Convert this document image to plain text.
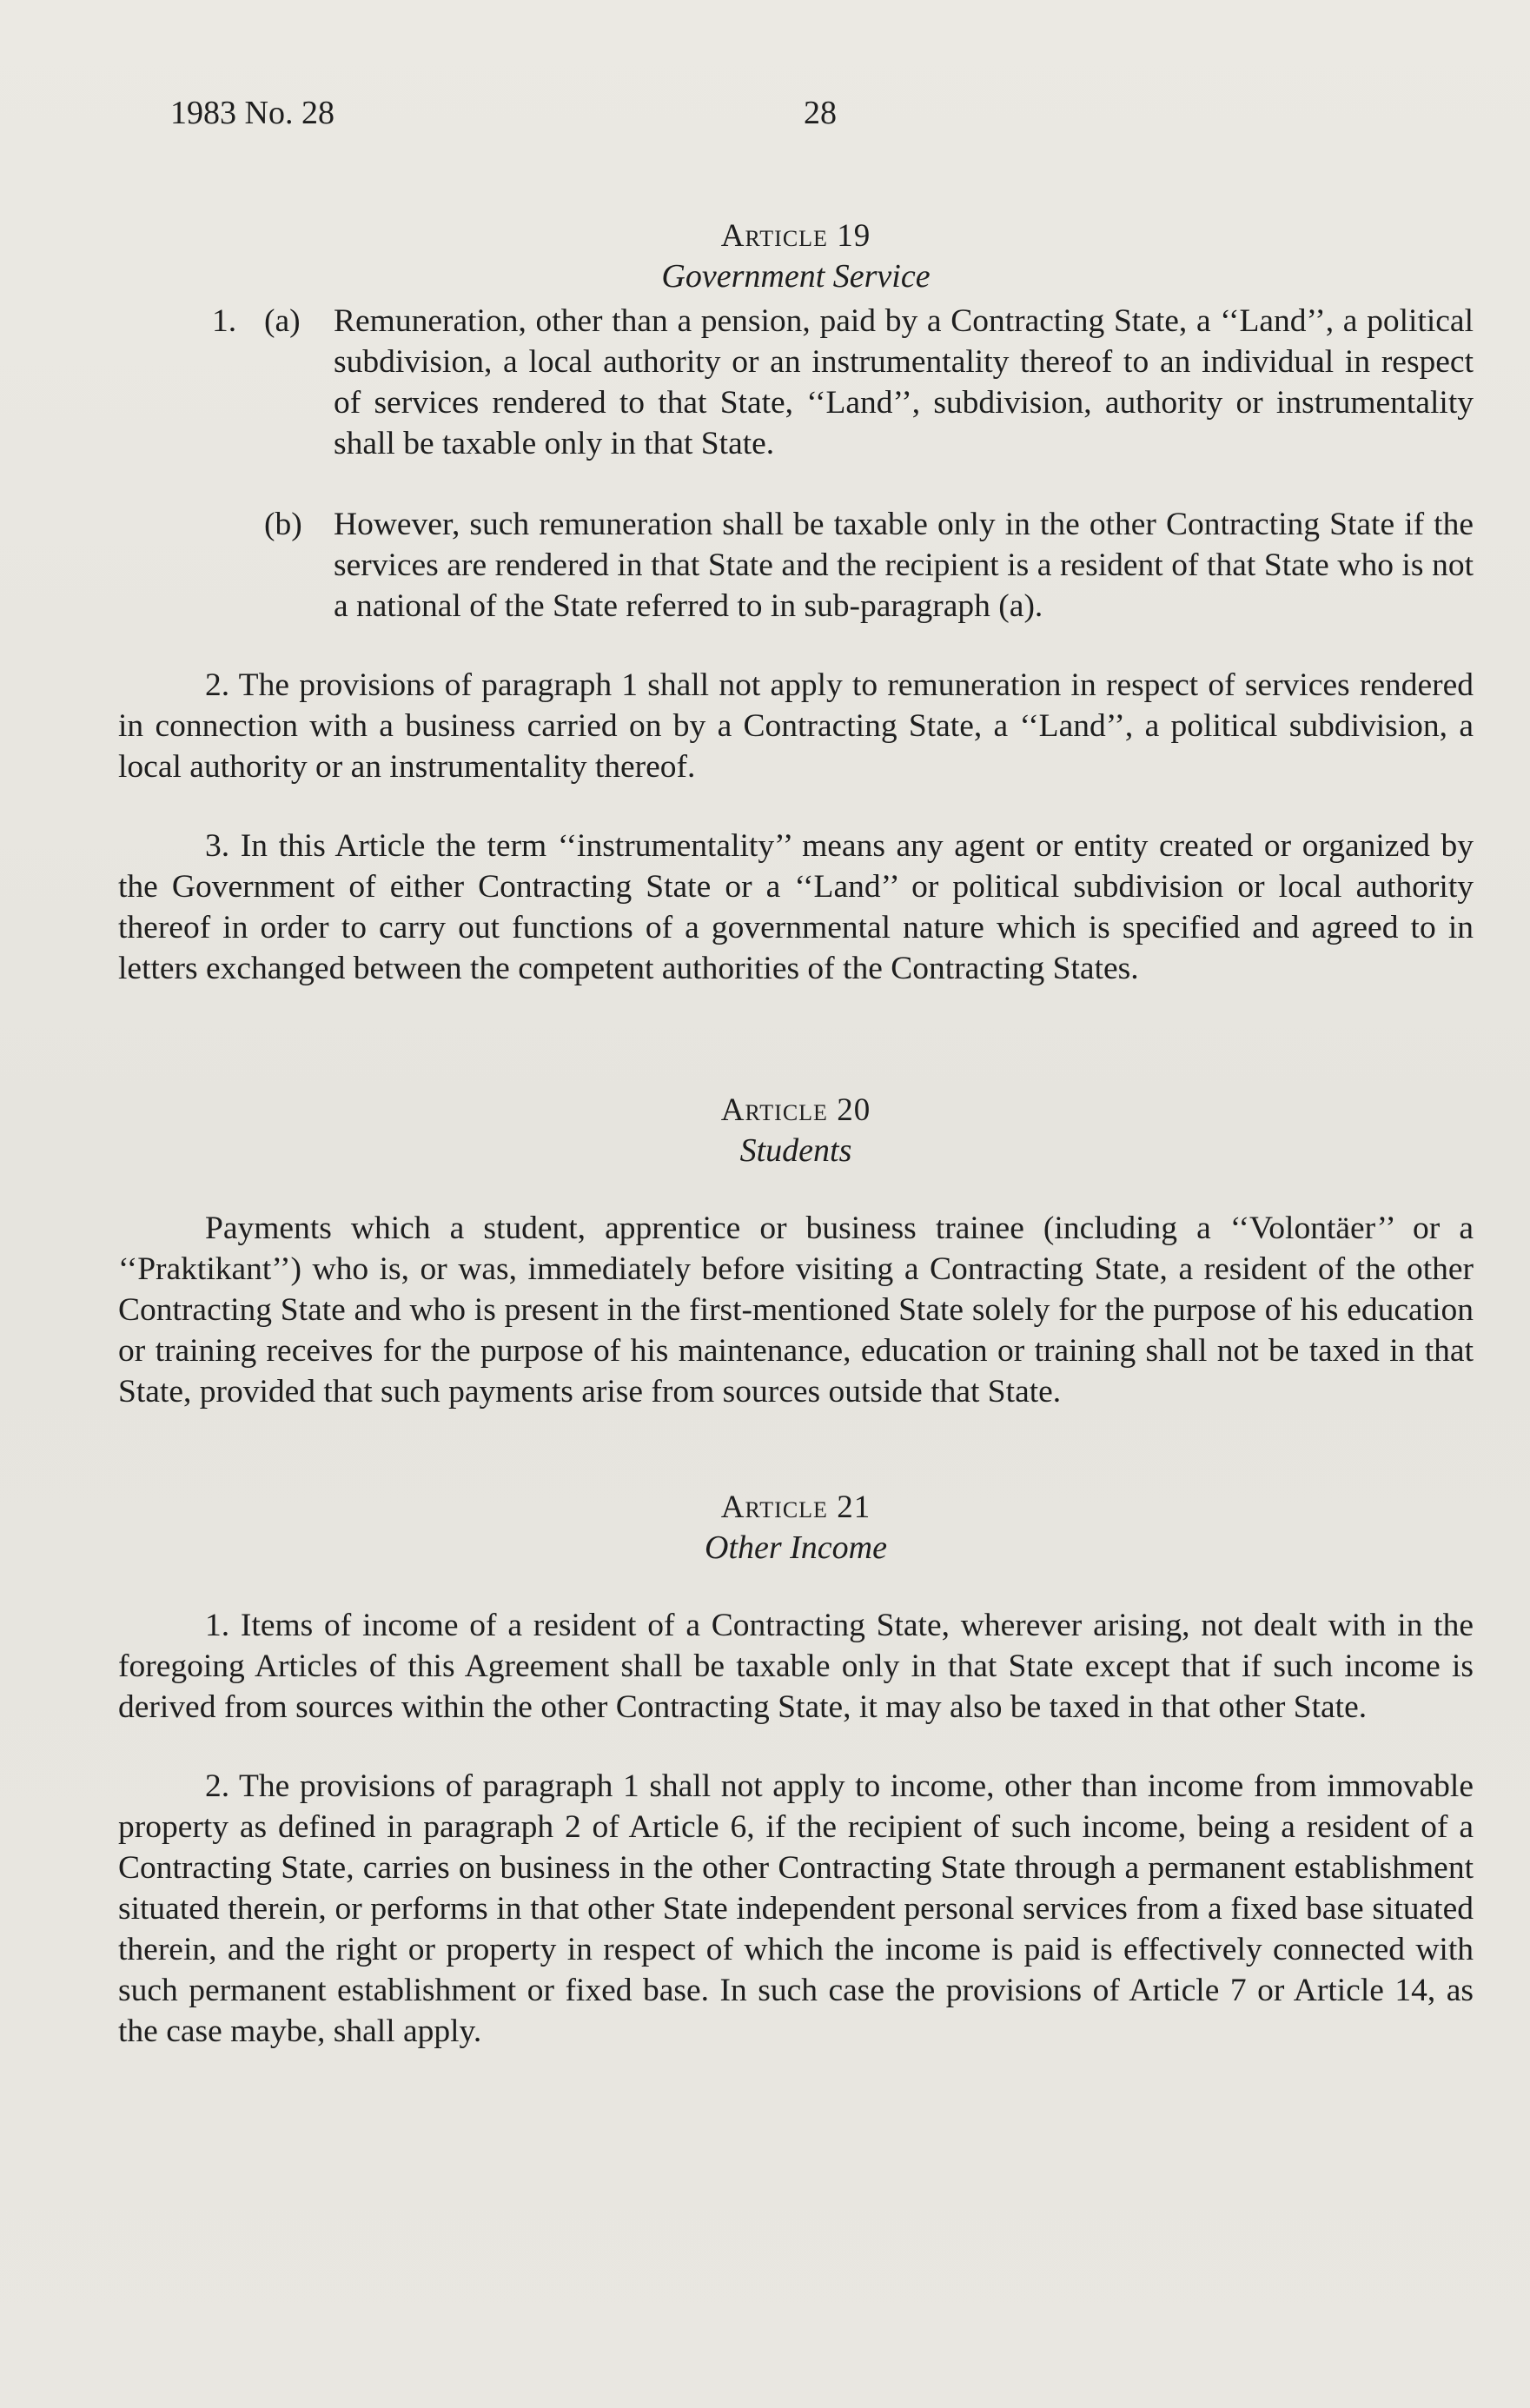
1983 No. 28	28

Article 19

Government Service

1. (a) Remuneration, other than a pension, paid by a Contracting State, a ‘‘Land’’, a political subdivision, a local authority or an instrumentality thereof to an individual in respect of services rendered to that State, ‘‘Land’’, subdivision, authority or instrumentality shall be taxable only in that State.
(b) However, such remuneration shall be taxable only in the other Contracting State if the services are rendered in that State and the recipient is a resident of that State who is not a national of the State referred to in sub-paragraph (a).

2. The provisions of paragraph 1 shall not apply to remuneration in respect of services rendered in connection with a business carried on by a Contracting State, a ‘‘Land’’, a political subdivision, a local authority or an instrumentality thereof.

3. In this Article the term ‘‘instrumentality’’ means any agent or entity created or organized by the Government of either Contracting State or a ‘‘Land’’ or political subdivision or local authority thereof in order to carry out functions of a governmental nature which is specified and agreed to in letters exchanged between the competent authorities of the Contracting States.

Article 20

Students

Payments which a student, apprentice or business trainee (including a ‘‘Volontäer’’ or a ‘‘Praktikant’’) who is, or was, immediately before visiting a Contracting State, a resident of the other Contracting State and who is present in the first-mentioned State solely for the purpose of his education or training receives for the purpose of his maintenance, education or training shall not be taxed in that State, provided that such payments arise from sources outside that State.

Article 21

Other Income

1. Items of income of a resident of a Contracting State, wherever arising, not dealt with in the foregoing Articles of this Agreement shall be taxable only in that State except that if such income is derived from sources within the other Contracting State, it may also be taxed in that other State.

2. The provisions of paragraph 1 shall not apply to income, other than income from immovable property as defined in paragraph 2 of Article 6, if the recipient of such income, being a resident of a Contracting State, carries on business in the other Contracting State through a permanent establishment situated therein, or performs in that other State independent personal services from a fixed base situated therein, and the right or property in respect of which the income is paid is effectively connected with such permanent establishment or fixed base. In such case the provisions of Article 7 or Article 14, as the case maybe, shall apply.
